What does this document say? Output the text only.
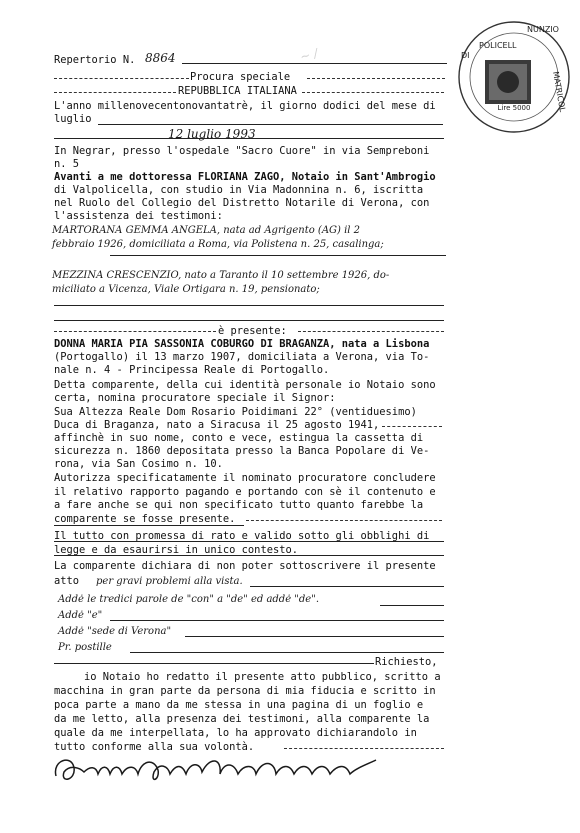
Lire 5000
NUNZIO
POLICELL
DI
MATRICOL
~ /
Repertorio N. 8864
Procura speciale
REPUBBLICA ITALIANA
L'anno millenovecentonovantatrè, il giorno dodici del mese di
luglio
12 luglio 1993
In Negrar, presso l'ospedale "Sacro Cuore" in via Sempreboni
n. 5
Avanti a me dottoressa FLORIANA ZAGO, Notaio in Sant'Ambrogio
di Valpolicella, con studio in Via Madonnina n. 6, iscritta
nel Ruolo del Collegio del Distretto Notarile di Verona, con
l'assistenza dei testimoni:
MARTORANA GEMMA ANGELA, nata ad Agrigento (AG) il 2
febbraio 1926, domiciliata a Roma, via Polistena n. 25, casalinga;
MEZZINA CRESCENZIO, nato a Taranto il 10 settembre 1926, do-
miciliato a Vicenza, Viale Ortigara n. 19, pensionato;
è presente:
DONNA MARIA PIA SASSONIA COBURGO DI BRAGANZA, nata a Lisbona
(Portogallo) il 13 marzo 1907, domiciliata a Verona, via To-
nale n. 4 - Principessa Reale di Portogallo.
Detta comparente, della cui identità personale io Notaio sono
certa, nomina procuratore speciale il Signor:
Sua Altezza Reale Dom Rosario Poidimani 22° (ventiduesimo)
Duca di Braganza, nato a Siracusa il 25 agosto 1941,
affinchè in suo nome, conto e vece, estingua la cassetta di
sicurezza n. 1860 depositata presso la Banca Popolare di Ve-
rona, via San Cosimo n. 10.
Autorizza specificatamente il nominato procuratore concludere
il relativo rapporto pagando e portando con sè il contenuto e
a fare anche se qui non specificato tutto quanto farebbe la
comparente se fosse presente.
Il tutto con promessa di rato e valido sotto gli obblighi di
legge e da esaurirsi in unico contesto.
La comparente dichiara di non poter sottoscrivere il presente
atto per gravi problemi alla vista.
Addė le tredici parole de "con" a "de" ed addė "de".
Addė "e"
Addė "sede di Verona"
Pr. postille
Richiesto,
io Notaio ho redatto il presente atto pubblico, scritto a
macchina in gran parte da persona di mia fiducia e scritto in
poca parte a mano da me stessa in una pagina di un foglio e
da me letto, alla presenza dei testimoni, alla comparente la
quale da me interpellata, lo ha approvato dichiarandolo in
tutto conforme alla sua volontà.
